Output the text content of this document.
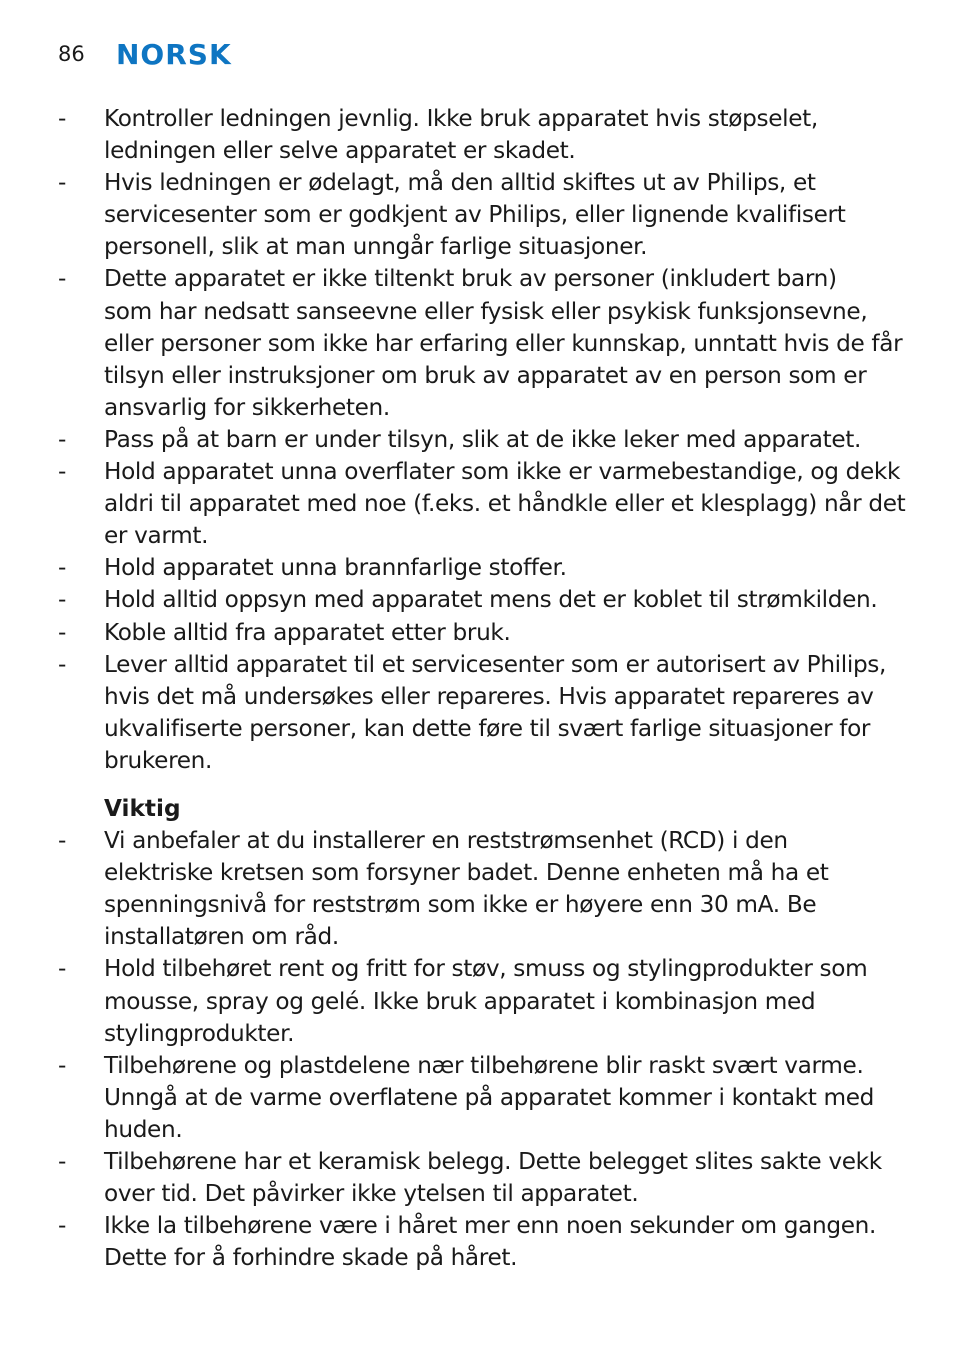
86	NORSK
- Kontroller ledningen jevnlig. Ikke bruk apparatet hvis støpselet,
ledningen eller selve apparatet er skadet.
- Hvis ledningen er ødelagt, må den alltid skiftes ut av Philips, et
servicesenter som er godkjent av Philips, eller lignende kvalifisert
personell, slik at man unngår farlige situasjoner.
- Dette apparatet er ikke tiltenkt bruk av personer (inkludert barn)
som har nedsatt sanseevne eller fysisk eller psykisk funksjonsevne,
eller personer som ikke har erfaring eller kunnskap, unntatt hvis de får
tilsyn eller instruksjoner om bruk av apparatet av en person som er
ansvarlig for sikkerheten.
- Pass på at barn er under tilsyn, slik at de ikke leker med apparatet.
- Hold apparatet unna overflater som ikke er varmebestandige, og dekk
aldri til apparatet med noe (f.eks. et håndkle eller et klesplagg) når det
er varmt.
- Hold apparatet unna brannfarlige stoffer.
- Hold alltid oppsyn med apparatet mens det er koblet til strømkilden.
- Koble alltid fra apparatet etter bruk.
- Lever alltid apparatet til et servicesenter som er autorisert av Philips,
hvis det må undersøkes eller repareres. Hvis apparatet repareres av
ukvalifiserte personer, kan dette føre til svært farlige situasjoner for
brukeren.
Viktig
- Vi anbefaler at du installerer en reststrømsenhet (RCD) i den
elektriske kretsen som forsyner badet. Denne enheten må ha et
spenningsnivå for reststrøm som ikke er høyere enn 30 mA. Be
installatøren om råd.
- Hold tilbehøret rent og fritt for støv, smuss og stylingprodukter som
mousse, spray og gelé. Ikke bruk apparatet i kombinasjon med
stylingprodukter.
- Tilbehørene og plastdelene nær tilbehørene blir raskt svært varme.
Unngå at de varme overflatene på apparatet kommer i kontakt med
huden.
- Tilbehørene har et keramisk belegg. Dette belegget slites sakte vekk
over tid. Det påvirker ikke ytelsen til apparatet.
- Ikke la tilbehørene være i håret mer enn noen sekunder om gangen.
Dette for å forhindre skade på håret.
